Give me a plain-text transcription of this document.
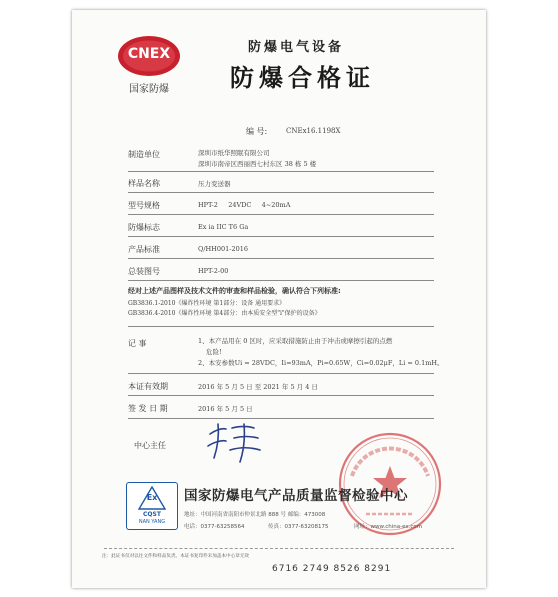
CNEX
国家防爆
防爆电气设备
防爆合格证
编 号:	CNEx16.1198X
制造单位	深圳市纸华照眠有限公司
深圳市南帝区西丽西七村东区 38 栋 5 楼
样品名称	压力变送器
型号规格	HPT-2     24VDC     4~20mA
防爆标志	Ex ia IIC T6 Ga
产品标准	Q/HH001-2016
总装图号	HPT-2-00
经对上述产品图样及技术文件的审查和样品检验，确认符合下列标准:
GB3836.1-2010《爆炸性环境 第1部分：设备 通用要求》
GB3836.4-2010《爆炸性环境 第4部分：由本质安全型"i"保护的设备》
记 事	1、本产品用在 0 区时，应采取措施防止由于冲击或摩擦引起的点燃
危险!
2、本安参数Ui = 28VDC，Ii=93mA，Pi=0.65W，Ci=0.02μF，Li = 0.1mH。
本证有效期	2016 年 5 月 5 日 至 2021 年 5 月 4 日
签 发 日 期	2016 年 5 月 5 日
中心主任
Ex
CQST
NAN YANG
国家防爆电气产品质量监督检验中心
地址：中国河南省南阳市仲景北路 888 号 邮编：473008
电话：0377-63258564	传真：0377-63208175	网址：www.china-ex.com
注：此证书仅对以往文件和样品负责。本证书复印件未加盖本中心章无效
6716 2749 8526 8291
